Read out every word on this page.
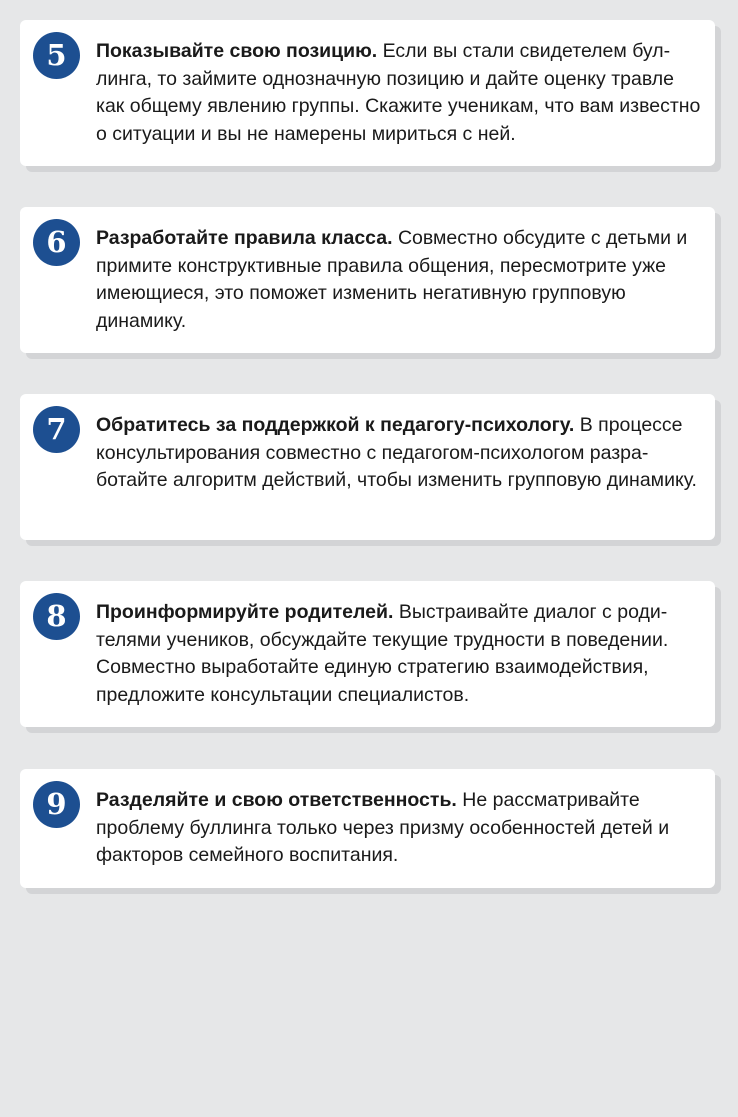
5	Показывайте свою позицию. Если вы стали свидетелем буллинга, то займите однозначную позицию и дайте оценку травле как общему явлению группы. Скажите ученикам, что вам известно о ситуации и вы не намерены мириться с ней.

6	Разработайте правила класса. Совместно обсудите с детьми и примите конструктивные правила общения, пересмотрите уже имеющиеся, это поможет изменить негативную групповую динамику.

7	Обратитесь за поддержкой к педагогу-психологу. В процессе консультирования совместно с педагогом-психологом разработайте алгоритм действий, чтобы изменить групповую динамику.

8	Проинформируйте родителей. Выстраивайте диалог с родителями учеников, обсуждайте текущие трудности в поведении. Совместно выработайте единую стратегию взаимодействия, предложите консультации специалистов.

9	Разделяйте и свою ответственность. Не рассматривайте проблему буллинга только через призму особенностей детей и факторов семейного воспитания.
